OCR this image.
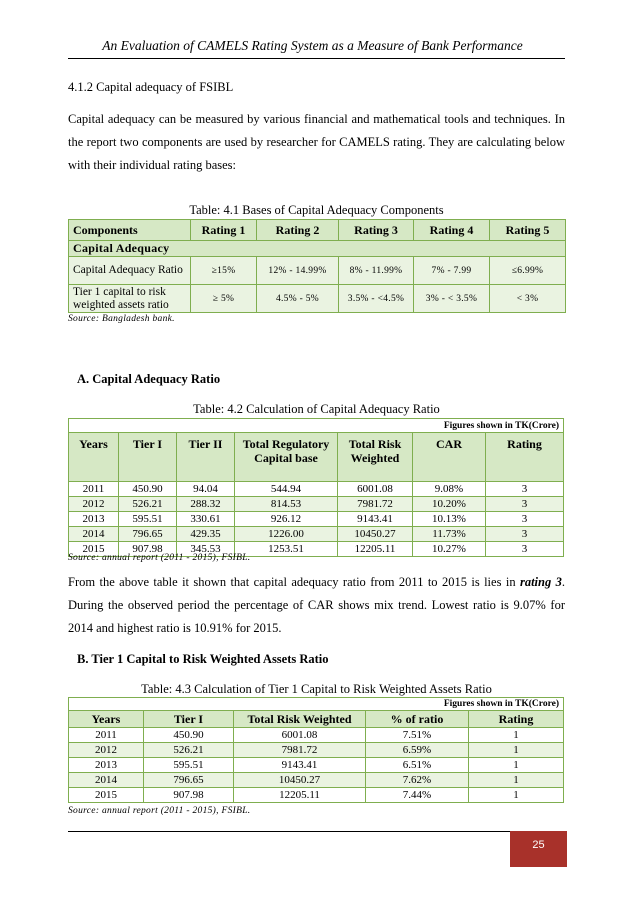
An Evaluation of CAMELS Rating System as a Measure of Bank Performance
4.1.2 Capital adequacy of FSIBL
Capital adequacy can be measured by various financial and mathematical tools and techniques. In the report two components are used by researcher for CAMELS rating. They are calculating below with their individual rating bases:
Table: 4.1 Bases of Capital Adequacy Components
Components	Rating 1	Rating 2	Rating 3	Rating 4	Rating 5
Capital Adequacy					
Capital Adequacy Ratio	≥15%	12% - 14.99%	8% - 11.99%	7% - 7.99	≤6.99%
Tier 1 capital to risk weighted assets ratio	≥ 5%	4.5% - 5%	3.5% - <4.5%	3% - < 3.5%	< 3%
Source: Bangladesh bank.
A. Capital Adequacy Ratio
Table: 4.2 Calculation of Capital Adequacy Ratio
Figures shown in TK(Crore)						
Years	Tier I	Tier II	Total Regulatory Capital base	Total Risk Weighted	CAR	Rating
2011	450.90	94.04	544.94	6001.08	9.08%	3
2012	526.21	288.32	814.53	7981.72	10.20%	3
2013	595.51	330.61	926.12	9143.41	10.13%	3
2014	796.65	429.35	1226.00	10450.27	11.73%	3
2015	907.98	345.53	1253.51	12205.11	10.27%	3
Source: annual report (2011 - 2015), FSIBL.
From the above table it shown that capital adequacy ratio from 2011 to 2015 is lies in rating 3. During the observed period the percentage of CAR shows mix trend. Lowest ratio is 9.07% for 2014 and highest ratio is 10.91% for 2015.
B. Tier 1 Capital to Risk Weighted Assets Ratio
Table: 4.3 Calculation of Tier 1 Capital to Risk Weighted Assets Ratio
Figures shown in TK(Crore)				
Years	Tier I	Total Risk Weighted	% of ratio	Rating
2011	450.90	6001.08	7.51%	1
2012	526.21	7981.72	6.59%	1
2013	595.51	9143.41	6.51%	1
2014	796.65	10450.27	7.62%	1
2015	907.98	12205.11	7.44%	1
Source: annual report (2011 - 2015), FSIBL.
25
